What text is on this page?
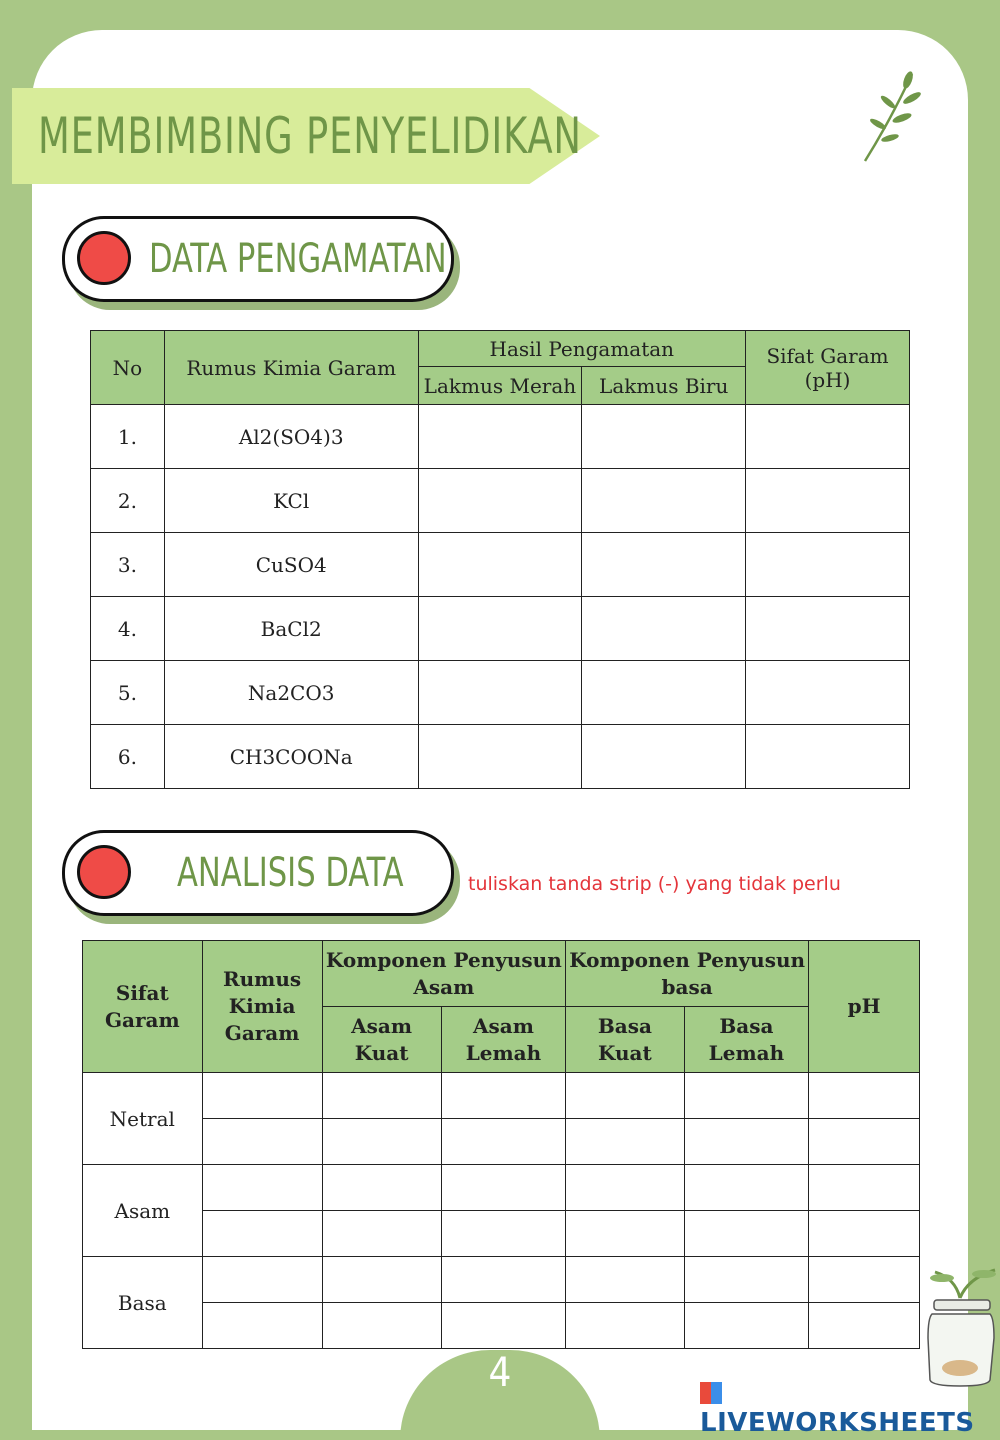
MEMBIMBING PENYELIDIKAN
DATA PENGAMATAN
No	Rumus Kimia Garam	Hasil Pengamatan		Sifat Garam (pH)
		Lakmus Merah	Lakmus Biru	
1.	Al2(SO4)3			
2.	KCl			
3.	CuSO4			
4.	BaCl2			
5.	Na2CO3			
6.	CH3COONa			
ANALISIS DATA	tuliskan tanda strip (-) yang tidak perlu
Sifat Garam	Rumus Kimia Garam	Komponen Penyusun Asam		Komponen Penyusun basa		pH
		Asam Kuat	Asam Lemah	Basa Kuat	Basa Lemah	
Netral						

Asam						

Basa						

4
LIVEWORKSHEETS
